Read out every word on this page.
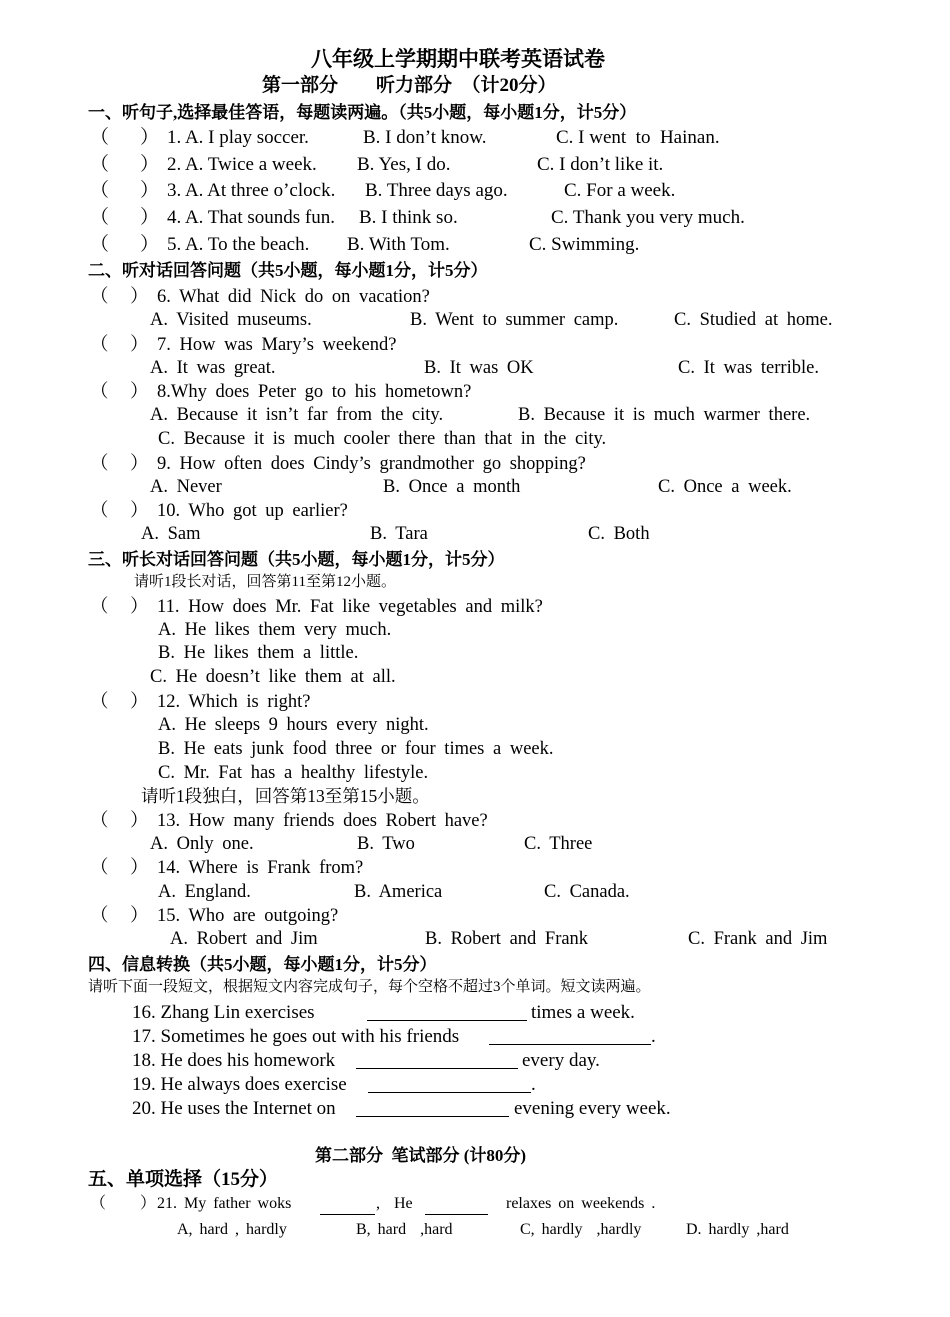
八年级上学期期中联考英语试卷
第一部分　　听力部分　（计20分）
一、听句子,选择最佳答语，每题读两遍。（共5小题，每小题1分，计5分）
（ ） 1. A. I play soccer.	B. I don’t know.	C. I went  to  Hainan.
（ ） 2. A. Twice a week. B. Yes, I do.	C. I don’t like it.
（ ） 3. A. At three o’clock. B. Three days ago.	C. For a week.
（ ） 4. A. That sounds fun. B. I think so.	C. Thank you very much.
（ ） 5. A. To the beach. B. With Tom.	C. Swimming.
二、听对话回答问题（共5小题，每小题1分，计5分）
（ ） 6. What did Nick do on vacation?
A. Visited museums.	B. Went to summer camp.	C. Studied at home.
（ ） 7. How was Mary’s weekend?
A. It was great.	B. It was OK	C. It was terrible.
（ ） 8.Why does Peter go to his hometown?
A. Because it isn’t far from the city.	B. Because it is much warmer there.
C. Because it is much cooler there than that in the city.
（ ） 9. How often does Cindy’s grandmother go shopping?
A. Never	B. Once a month	C. Once a week.
（ ） 10. Who got up earlier?
A. Sam	B. Tara	C. Both
三、听长对话回答问题（共5小题，每小题1分，计5分）
请听1段长对话，回答第11至第12小题。
（ ） 11. How does Mr. Fat like vegetables and milk?
A. He likes them very much.
B. He likes them a little.
C. He doesn’t like them at all.
（ ） 12. Which is right?
A. He sleeps 9 hours every night.
B. He eats junk food three or four times a week.
C. Mr. Fat has a healthy lifestyle.
请听1段独白，回答第13至第15小题。
（ ） 13. How many friends does Robert have?
A. Only one.	B. Two	C. Three
（ ） 14. Where is Frank from?
A. England.	B. America	C. Canada.
（ ） 15. Who are outgoing?
A. Robert and Jim	B. Robert and Frank	C. Frank and Jim
四、信息转换（共5小题，每小题1分，计5分）
请听下面一段短文，根据短文内容完成句子，每个空格不超过3个单词。短文读两遍。
16. Zhang Lin exercises	times a week.
17. Sometimes he goes out with his friends	.
18. He does his homework	every day.
19. He always does exercise	.
20. He uses the Internet on	evening every week.
第二部分  笔试部分 (计80分)
五、单项选择（15分）
（ ） 21. My father woks	,  He	relaxes on weekends .
A, hard , hardly	B, hard  ,hard	C, hardly  ,hardly	D. hardly ,hard
